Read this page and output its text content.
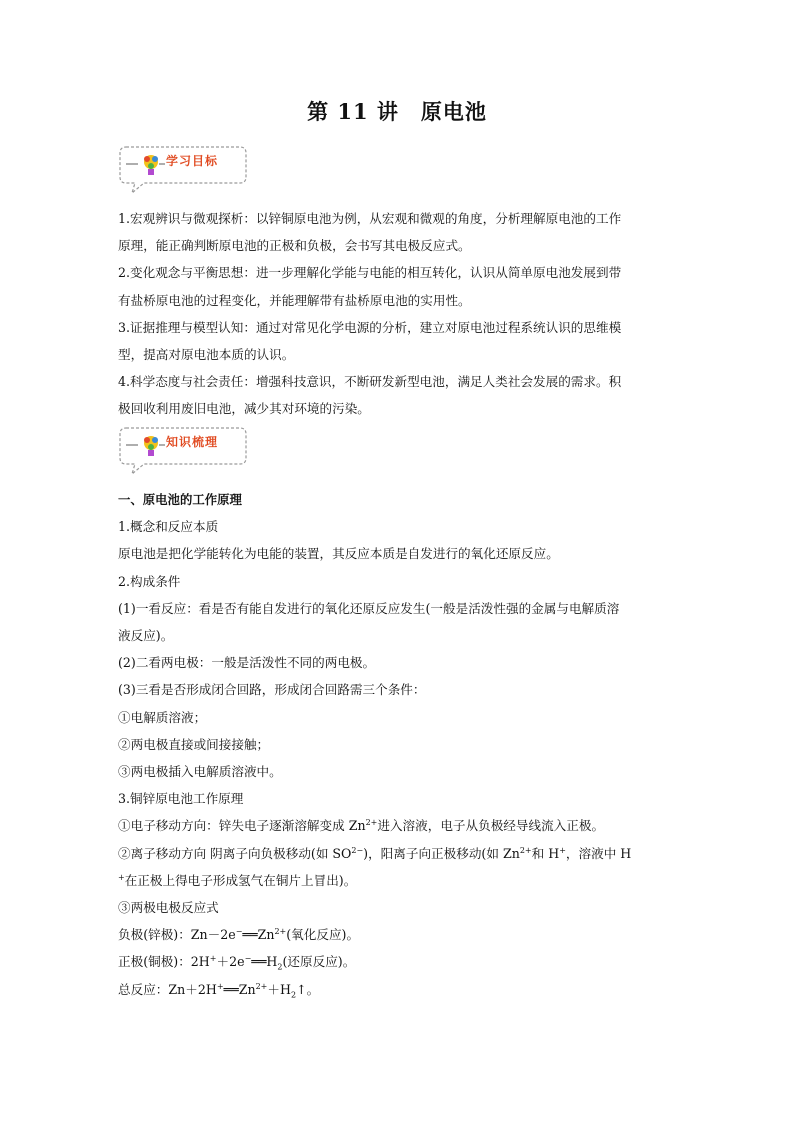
第 11 讲　原电池
学习目标

1.宏观辨识与微观探析：以锌铜原电池为例，从宏观和微观的角度，分析理解原电池的工作

原理，能正确判断原电池的正极和负极，会书写其电极反应式。

2.变化观念与平衡思想：进一步理解化学能与电能的相互转化，认识从简单原电池发展到带

有盐桥原电池的过程变化，并能理解带有盐桥原电池的实用性。

3.证据推理与模型认知：通过对常见化学电源的分析，建立对原电池过程系统认识的思维模

型，提高对原电池本质的认识。

4.科学态度与社会责任：增强科技意识，不断研发新型电池，满足人类社会发展的需求。积

极回收利用废旧电池，减少其对环境的污染。

知识梳理

一、原电池的工作原理

1.概念和反应本质

原电池是把化学能转化为电能的装置，其反应本质是自发进行的氧化还原反应。

2.构成条件

(1)一看反应：看是否有能自发进行的氧化还原反应发生(一般是活泼性强的金属与电解质溶

液反应)。

(2)二看两电极：一般是活泼性不同的两电极。

(3)三看是否形成闭合回路，形成闭合回路需三个条件：

①电解质溶液；

②两电极直接或间接接触；

③两电极插入电解质溶液中。

3.铜锌原电池工作原理

①电子移动方向：锌失电子逐渐溶解变成 $Zn^{2+}$进入溶液，电子从负极经导线流入正极。

②离子移动方向 阴离子向负极移动(如 $SO^{2-}$)，阳离子向正极移动(如 $Zn^{2+}$和 H+，溶液中 H

+在正极上得电子形成氢气在铜片上冒出)。

③两极电极反应式

负极(锌极)：$Zn-2e^-══Zn^{2+}$(氧化反应)。

正极(铜极)：$2H^++2e^-══H_2$(还原反应)。

总反应：$Zn+2H^+══Zn^{2+}+H_2↑$。
